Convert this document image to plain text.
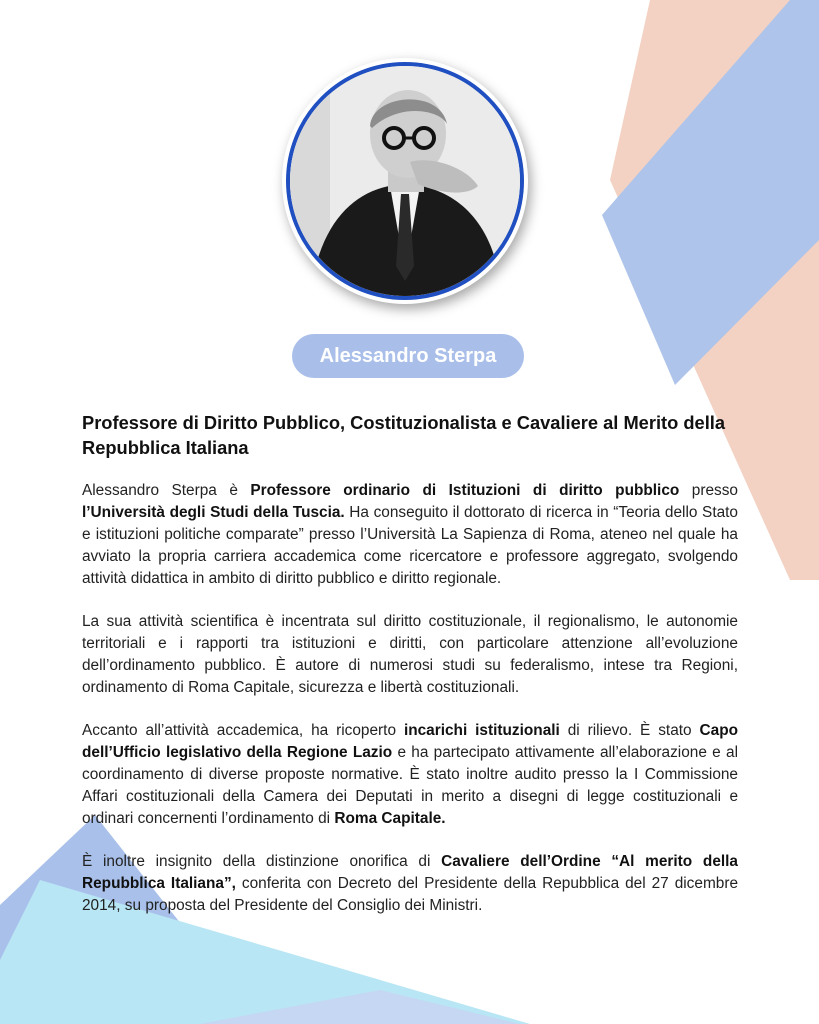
Alessandro Sterpa
Professore di Diritto Pubblico, Costituzionalista e Cavaliere al Merito della Repubblica Italiana

Alessandro Sterpa è Professore ordinario di Istituzioni di diritto pubblico presso l’Università degli Studi della Tuscia. Ha conseguito il dottorato di ricerca in “Teoria dello Stato e istituzioni politiche comparate” presso l’Università La Sapienza di Roma, ateneo nel quale ha avviato la propria carriera accademica come ricercatore e professore aggregato, svolgendo attività didattica in ambito di diritto pubblico e diritto regionale.

La sua attività scientifica è incentrata sul diritto costituzionale, il regionalismo, le autonomie territoriali e i rapporti tra istituzioni e diritti, con particolare attenzione all’evoluzione dell’ordinamento pubblico. È autore di numerosi studi su federalismo, intese tra Regioni, ordinamento di Roma Capitale, sicurezza e libertà costituzionali.

Accanto all’attività accademica, ha ricoperto incarichi istituzionali di rilievo. È stato Capo dell’Ufficio legislativo della Regione Lazio e ha partecipato attivamente all’elaborazione e al coordinamento di diverse proposte normative. È stato inoltre audito presso la I Commissione Affari costituzionali della Camera dei Deputati in merito a disegni di legge costituzionali e ordinari concernenti l’ordinamento di Roma Capitale.

È inoltre insignito della distinzione onorifica di Cavaliere dell’Ordine “Al merito della Repubblica Italiana”, conferita con Decreto del Presidente della Repubblica del 27 dicembre 2014, su proposta del Presidente del Consiglio dei Ministri.
